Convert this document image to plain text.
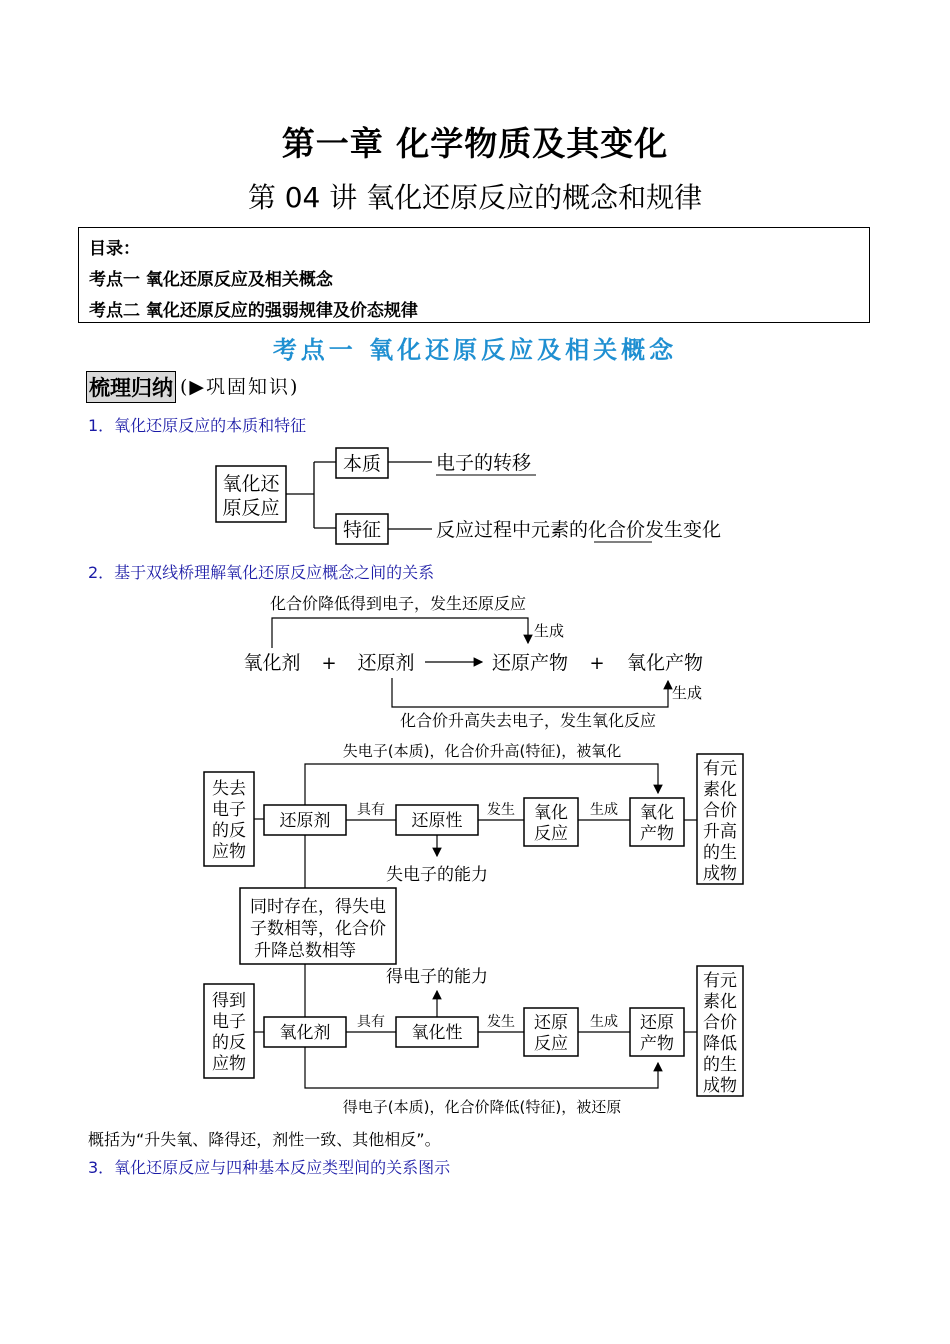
第一章 化学物质及其变化
第 04 讲 氧化还原反应的概念和规律
目录：
考点一 氧化还原反应及相关概念
考点二 氧化还原反应的强弱规律及价态规律
考点一 氧化还原反应及相关概念
梳理归纳 (▶巩固知识)
1．氧化还原反应的本质和特征
氧化还
原反应
本质	电子的转移
特征	反应过程中元素的化合价发生变化
2．基于双线桥理解氧化还原反应概念之间的关系
化合价降低得到电子，发生还原反应
生成
氧化剂 + 还原剂	还原产物 + 氧化产物
生成
化合价升高失去电子，发生氧化反应
失电子(本质)，化合价升高(特征)，被氧化
失去
电子
的反
应物
还原剂
具有
还原性
发生 氧化
反应
生成 氧化
产物
有元
素化
合价
升高
的生
成物
失电子的能力
同时存在，得失电
子数相等，化合价
升降总数相等
得电子的能力
得到
电子
的反
应物
氧化剂
具有
氧化性
发生 还原
反应
生成 还原
产物
有元
素化
合价
降低
的生
成物
得电子(本质)，化合价降低(特征)，被还原
概括为“升失氧、降得还，剂性一致、其他相反”。
3．氧化还原反应与四种基本反应类型间的关系图示
